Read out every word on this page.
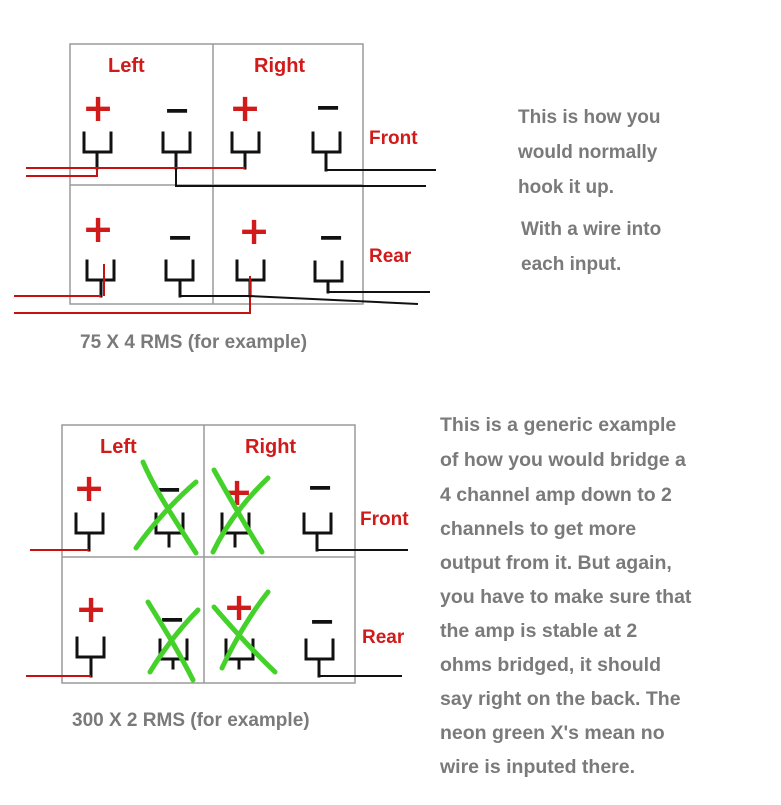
Left	Right
Front
Rear
+ − + −
+ − + −
75 X 4 RMS (for example)
This is how you
would normally
hook it up.
With a wire into
each input.
Left	Right
Front
Rear
+ − + −
+ − + −
300 X 2 RMS (for example)
This is a generic example
of how you would bridge a
4 channel amp down to 2
channels to get more
output from it. But again,
you have to make sure that
the amp is stable at 2
ohms bridged, it should
say right on the back. The
neon green X's mean no
wire is inputed there.
